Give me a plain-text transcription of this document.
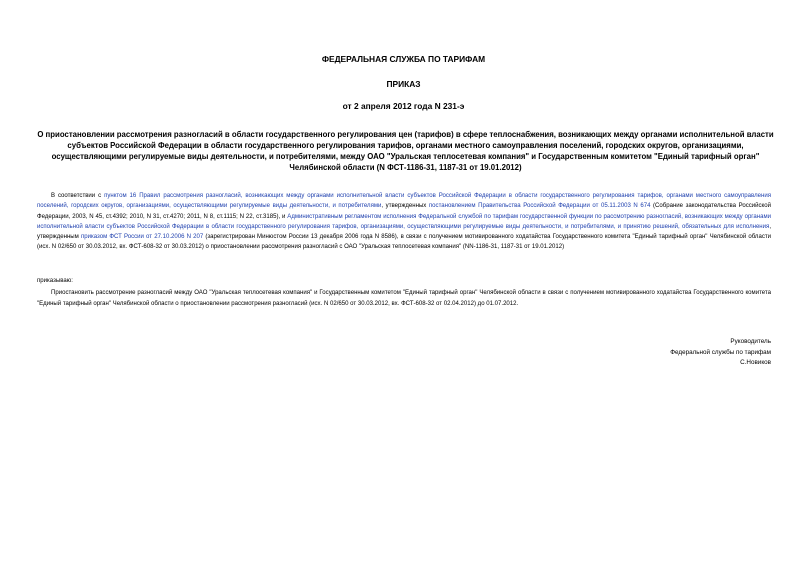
ФЕДЕРАЛЬНАЯ СЛУЖБА ПО ТАРИФАМ
ПРИКАЗ
от 2 апреля 2012 года N 231-э
О приостановлении рассмотрения разногласий в области государственного регулирования цен (тарифов) в сфере теплоснабжения, возникающих между органами исполнительной власти субъектов Российской Федерации в области государственного регулирования тарифов, органами местного самоуправления поселений, городских округов, организациями, осуществляющими регулируемые виды деятельности, и потребителями, между ОАО "Уральская теплосетевая компания" и Государственным комитетом "Единый тарифный орган" Челябинской области (N ФСТ-1186-31, 1187-31 от 19.01.2012)

В соответствии с пунктом 16 Правил рассмотрения разногласий, возникающих между органами исполнительной власти субъектов Российской Федерации в области государственного регулирования тарифов, органами местного самоуправления поселений, городских округов, организациями, осуществляющими регулируемые виды деятельности, и потребителями, утвержденных постановлением Правительства Российской Федерации от 05.11.2003 N 674 (Собрание законодательства Российской Федерации, 2003, N 45, ст.4392; 2010, N 31, ст.4270; 2011, N 8, ст.1115; N 22, ст.3185), и Административным регламентом исполнения Федеральной службой по тарифам государственной функции по рассмотрению разногласий, возникающих между органами исполнительной власти субъектов Российской Федерации в области государственного регулирования тарифов, организациями, осуществляющими регулируемые виды деятельности, и потребителями, и принятию решений, обязательных для исполнения, утвержденным приказом ФСТ России от 27.10.2006 N 207 (зарегистрирован Минюстом России 13 декабря 2006 года N 8586), в связи с получением мотивированного ходатайства Государственного комитета "Единый тарифный орган" Челябинской области (исх. N 02/650 от 30.03.2012, вх. ФСТ-608-32 от 30.03.2012) о приостановлении рассмотрения разногласий с ОАО "Уральская теплосетевая компания" (NN-1186-31, 1187-31 от 19.01.2012)

приказываю:

Приостановить рассмотрение разногласий между ОАО "Уральская теплосетевая компания" и Государственным комитетом "Единый тарифный орган" Челябинской области в связи с получением мотивированного ходатайства Государственного комитета "Единый тарифный орган" Челябинской области о приостановлении рассмотрения разногласий (исх. N 02/650 от 30.03.2012, вх. ФСТ-608-32 от 02.04.2012) до 01.07.2012.

Руководитель
Федеральной службы по тарифам
С.Новиков
